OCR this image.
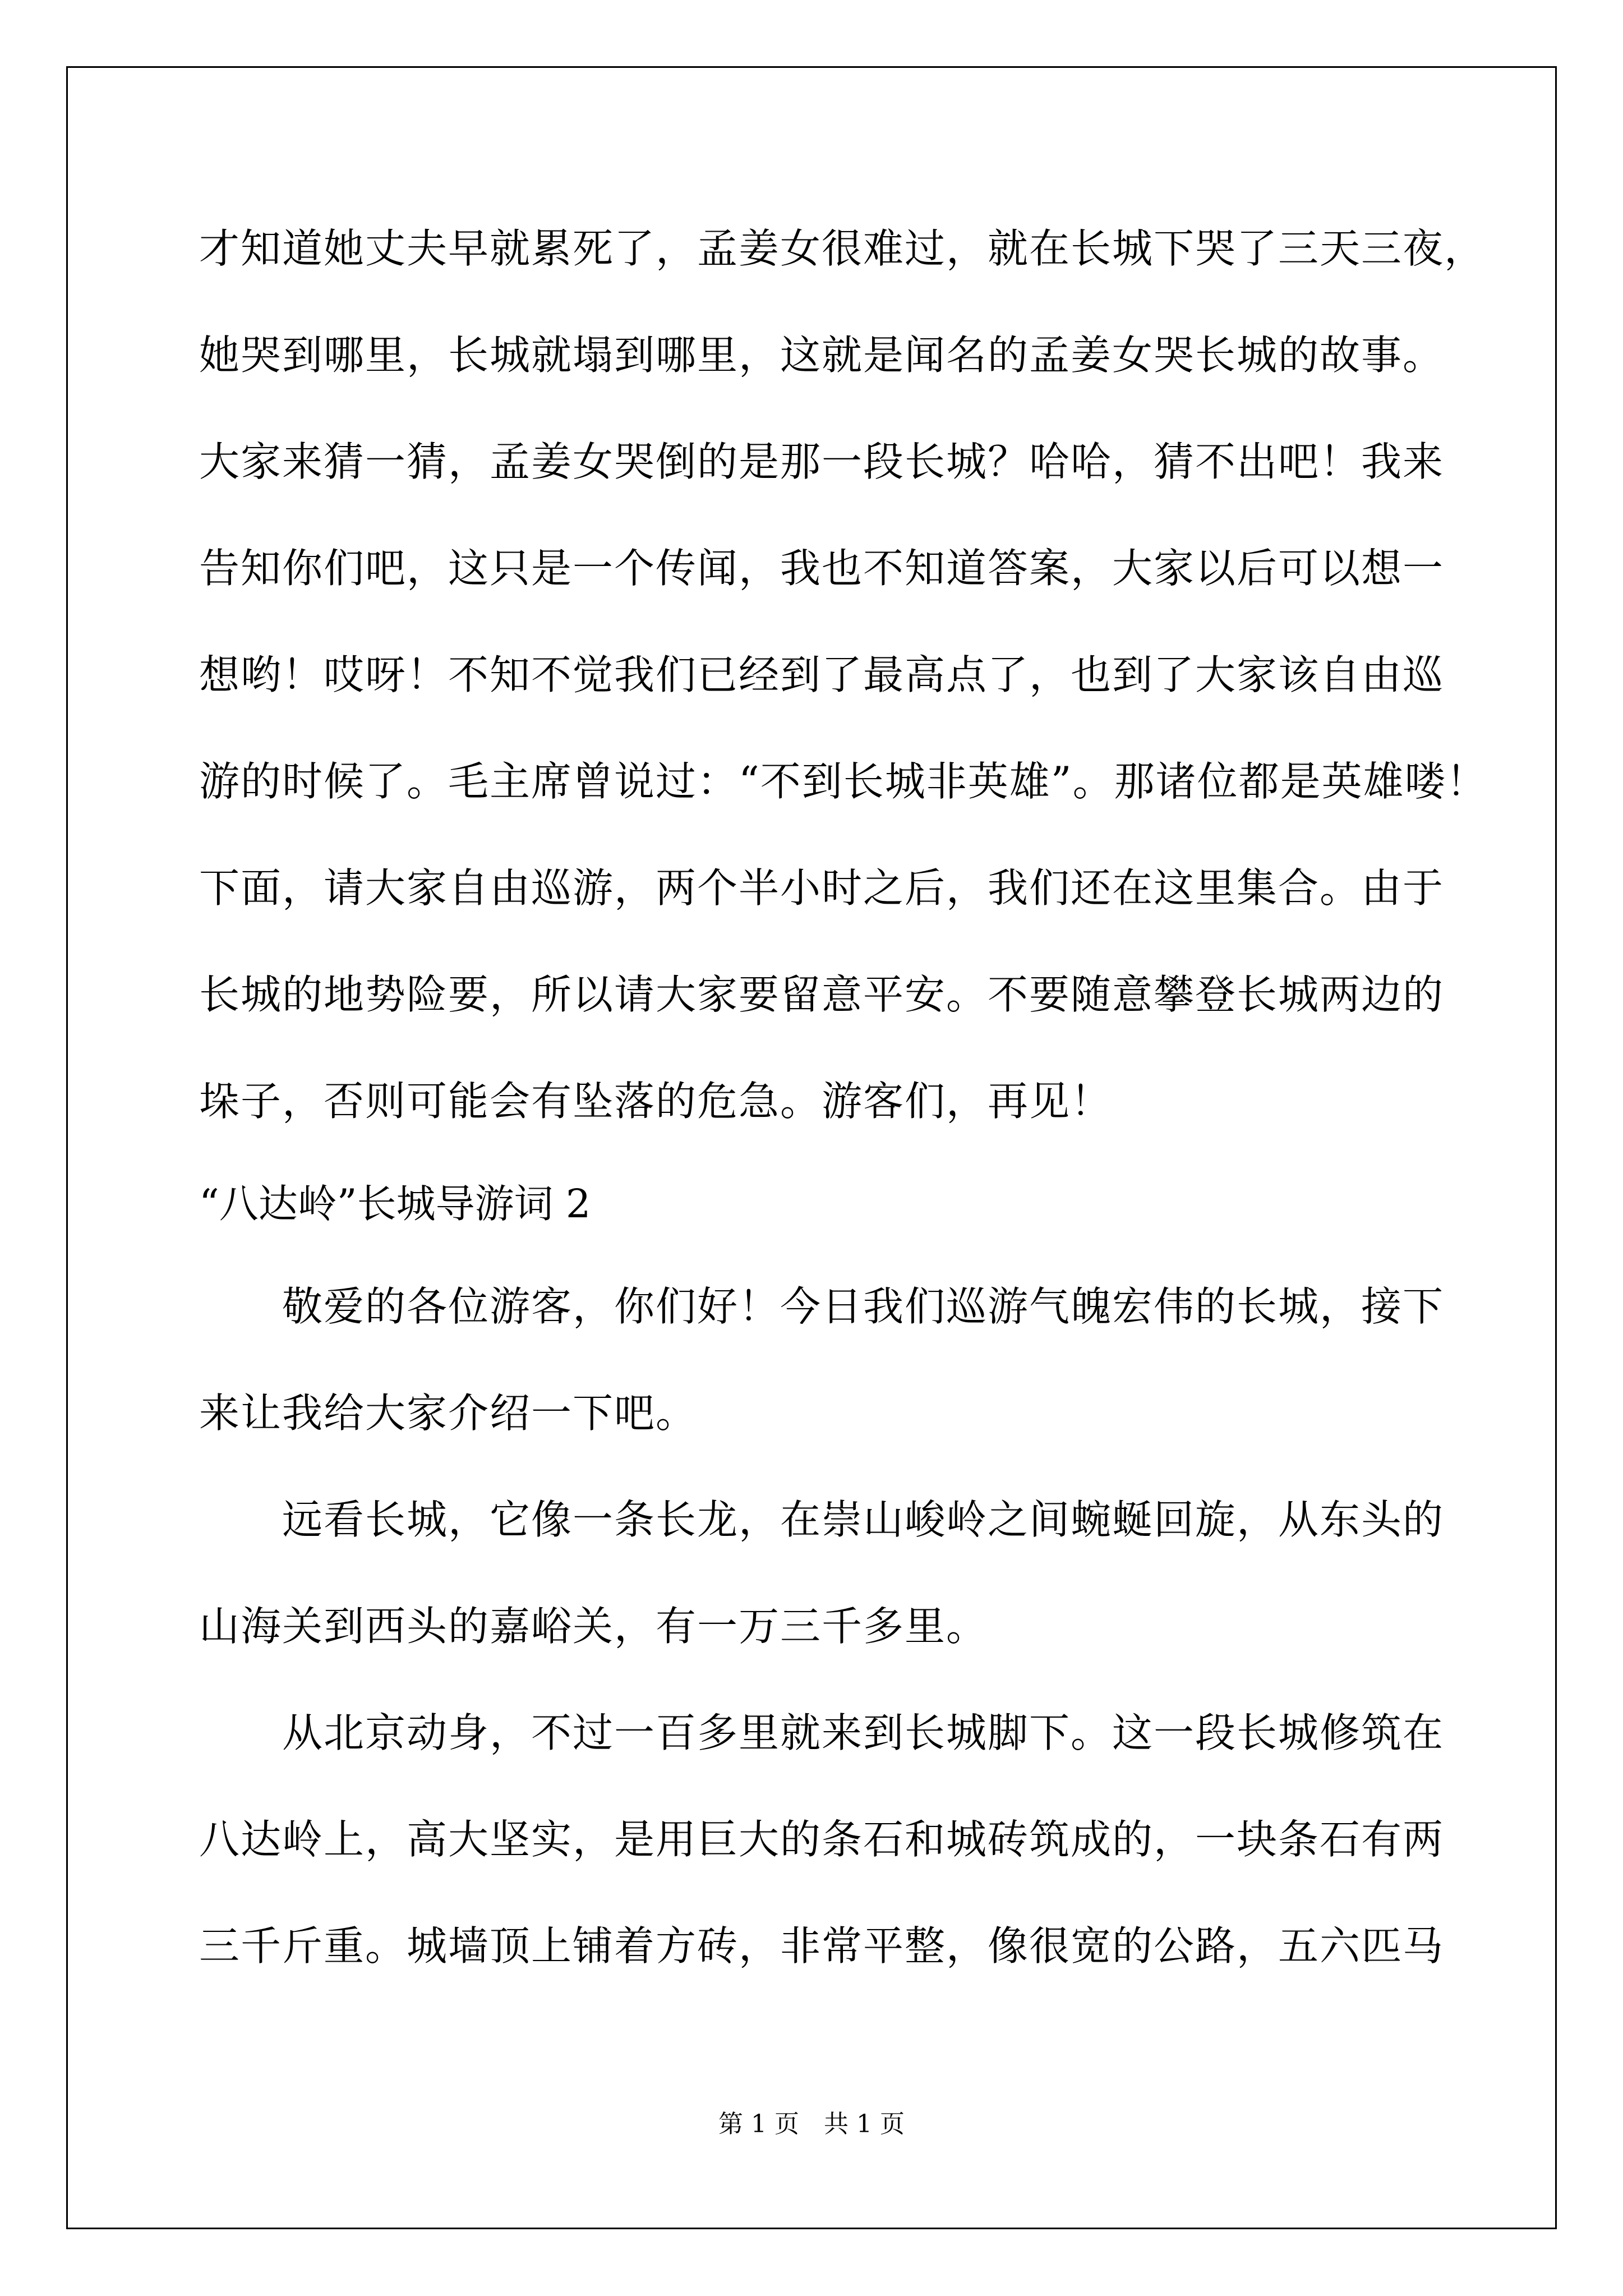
才知道她丈夫早就累死了，孟姜女很难过，就在长城下哭了三天三夜，
她哭到哪里，长城就塌到哪里，这就是闻名的孟姜女哭长城的故事。
大家来猜一猜，孟姜女哭倒的是那一段长城？哈哈，猜不出吧！我来
告知你们吧，这只是一个传闻，我也不知道答案，大家以后可以想一
想哟！哎呀！不知不觉我们已经到了最高点了，也到了大家该自由巡
游的时候了。毛主席曾说过：“不到长城非英雄”。那诸位都是英雄喽！
下面，请大家自由巡游，两个半小时之后，我们还在这里集合。由于
长城的地势险要，所以请大家要留意平安。不要随意攀登长城两边的
垛子，否则可能会有坠落的危急。游客们，再见！
“八达岭”长城导游词 2
敬爱的各位游客，你们好！今日我们巡游气魄宏伟的长城，接下
来让我给大家介绍一下吧。
远看长城，它像一条长龙，在崇山峻岭之间蜿蜒回旋，从东头的
山海关到西头的嘉峪关，有一万三千多里。
从北京动身，不过一百多里就来到长城脚下。这一段长城修筑在
八达岭上，高大坚实，是用巨大的条石和城砖筑成的，一块条石有两
三千斤重。城墙顶上铺着方砖，非常平整，像很宽的公路，五六匹马
第 1 页　共 1 页
